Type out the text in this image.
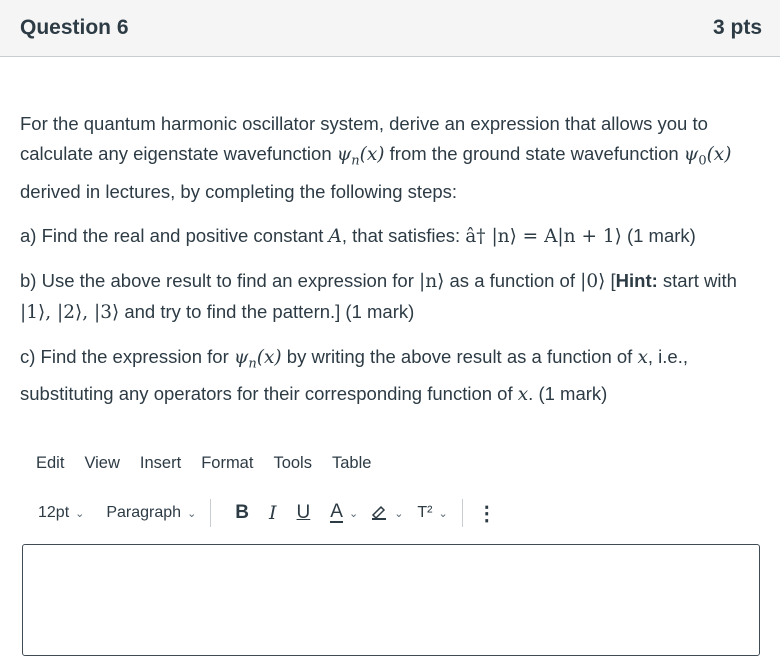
Question 6	3 pts

For the quantum harmonic oscillator system, derive an expression that allows you to calculate any eigenstate wavefunction $\psi_n(x)$ from the ground state wavefunction $\psi_0(x)$ derived in lectures, by completing the following steps:

a) Find the real and positive constant A, that satisfies: â† |n⟩ = A|n + 1⟩ (1 mark)

b) Use the above result to find an expression for |n⟩ as a function of |0⟩ [Hint: start with |1⟩, |2⟩, |3⟩ and try to find the pattern.] (1 mark)

c) Find the expression for $\psi_n(x)$ by writing the above result as a function of x, i.e., substituting any operators for their corresponding function of x. (1 mark)

Edit View Insert Format Tools Table
12pt ⌄ Paragraph ⌄ B I U A ⌄	⌄ T² ⌄ ⋮
